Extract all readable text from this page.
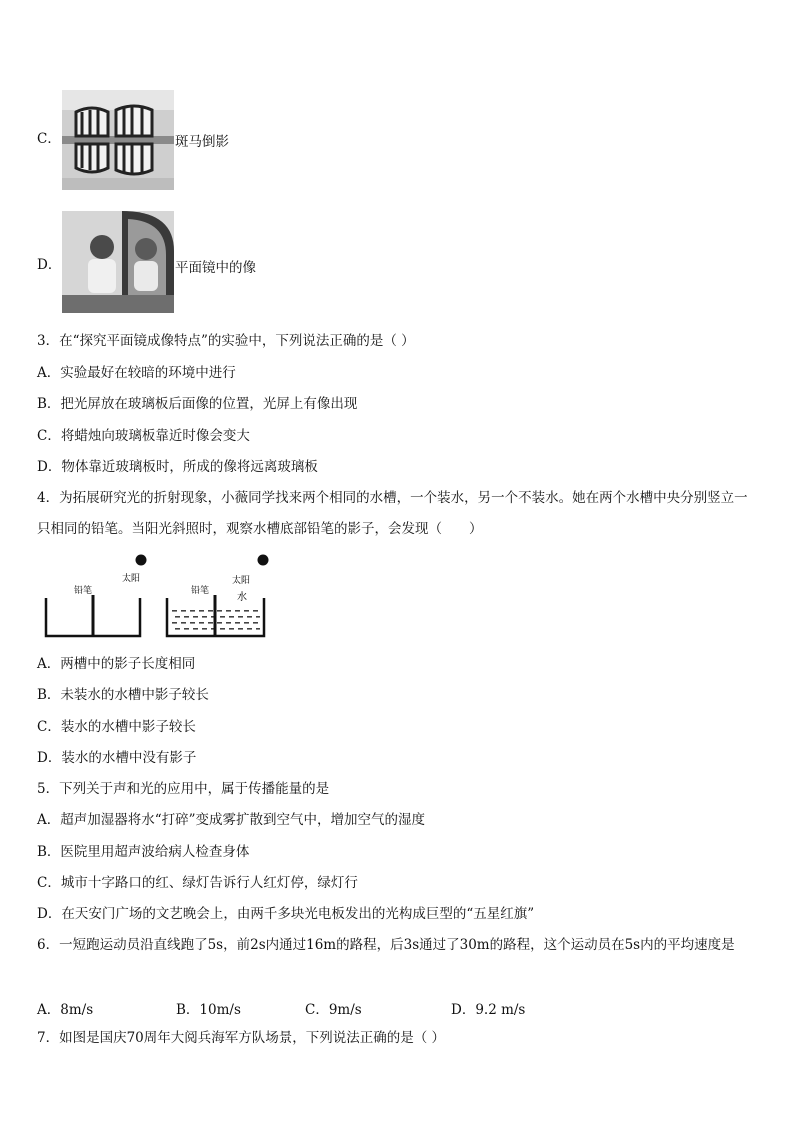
C．	斑马倒影
D．	平面镜中的像
3．在“探究平面镜成像特点”的实验中，下列说法正确的是（ ）
A．实验最好在较暗的环境中进行
B．把光屏放在玻璃板后面像的位置，光屏上有像出现
C．将蜡烛向玻璃板靠近时像会变大
D．物体靠近玻璃板时，所成的像将远离玻璃板
4．为拓展研究光的折射现象，小薇同学找来两个相同的水槽，一个装水，另一个不装水。她在两个水槽中央分别竖立一只相同的铅笔。当阳光斜照时，观察水槽底部铅笔的影子，会发现（　　）
铅笔
太阳
铅笔
太阳
水
A．两槽中的影子长度相同
B．未装水的水槽中影子较长
C．装水的水槽中影子较长
D．装水的水槽中没有影子
5．下列关于声和光的应用中，属于传播能量的是
A．超声加湿器将水“打碎”变成雾扩散到空气中，增加空气的湿度
B．医院里用超声波给病人检查身体
C．城市十字路口的红、绿灯告诉行人红灯停，绿灯行
D．在天安门广场的文艺晚会上，由两千多块光电板发出的光构成巨型的“五星红旗”
6．一短跑运动员沿直线跑了5s，前2s内通过16m的路程，后3s通过了30m的路程，这个运动员在5s内的平均速度是
A．8m/s	B．10m/s	C．9m/s	D．9.2 m/s
7．如图是国庆70周年大阅兵海军方队场景，下列说法正确的是（ ）
